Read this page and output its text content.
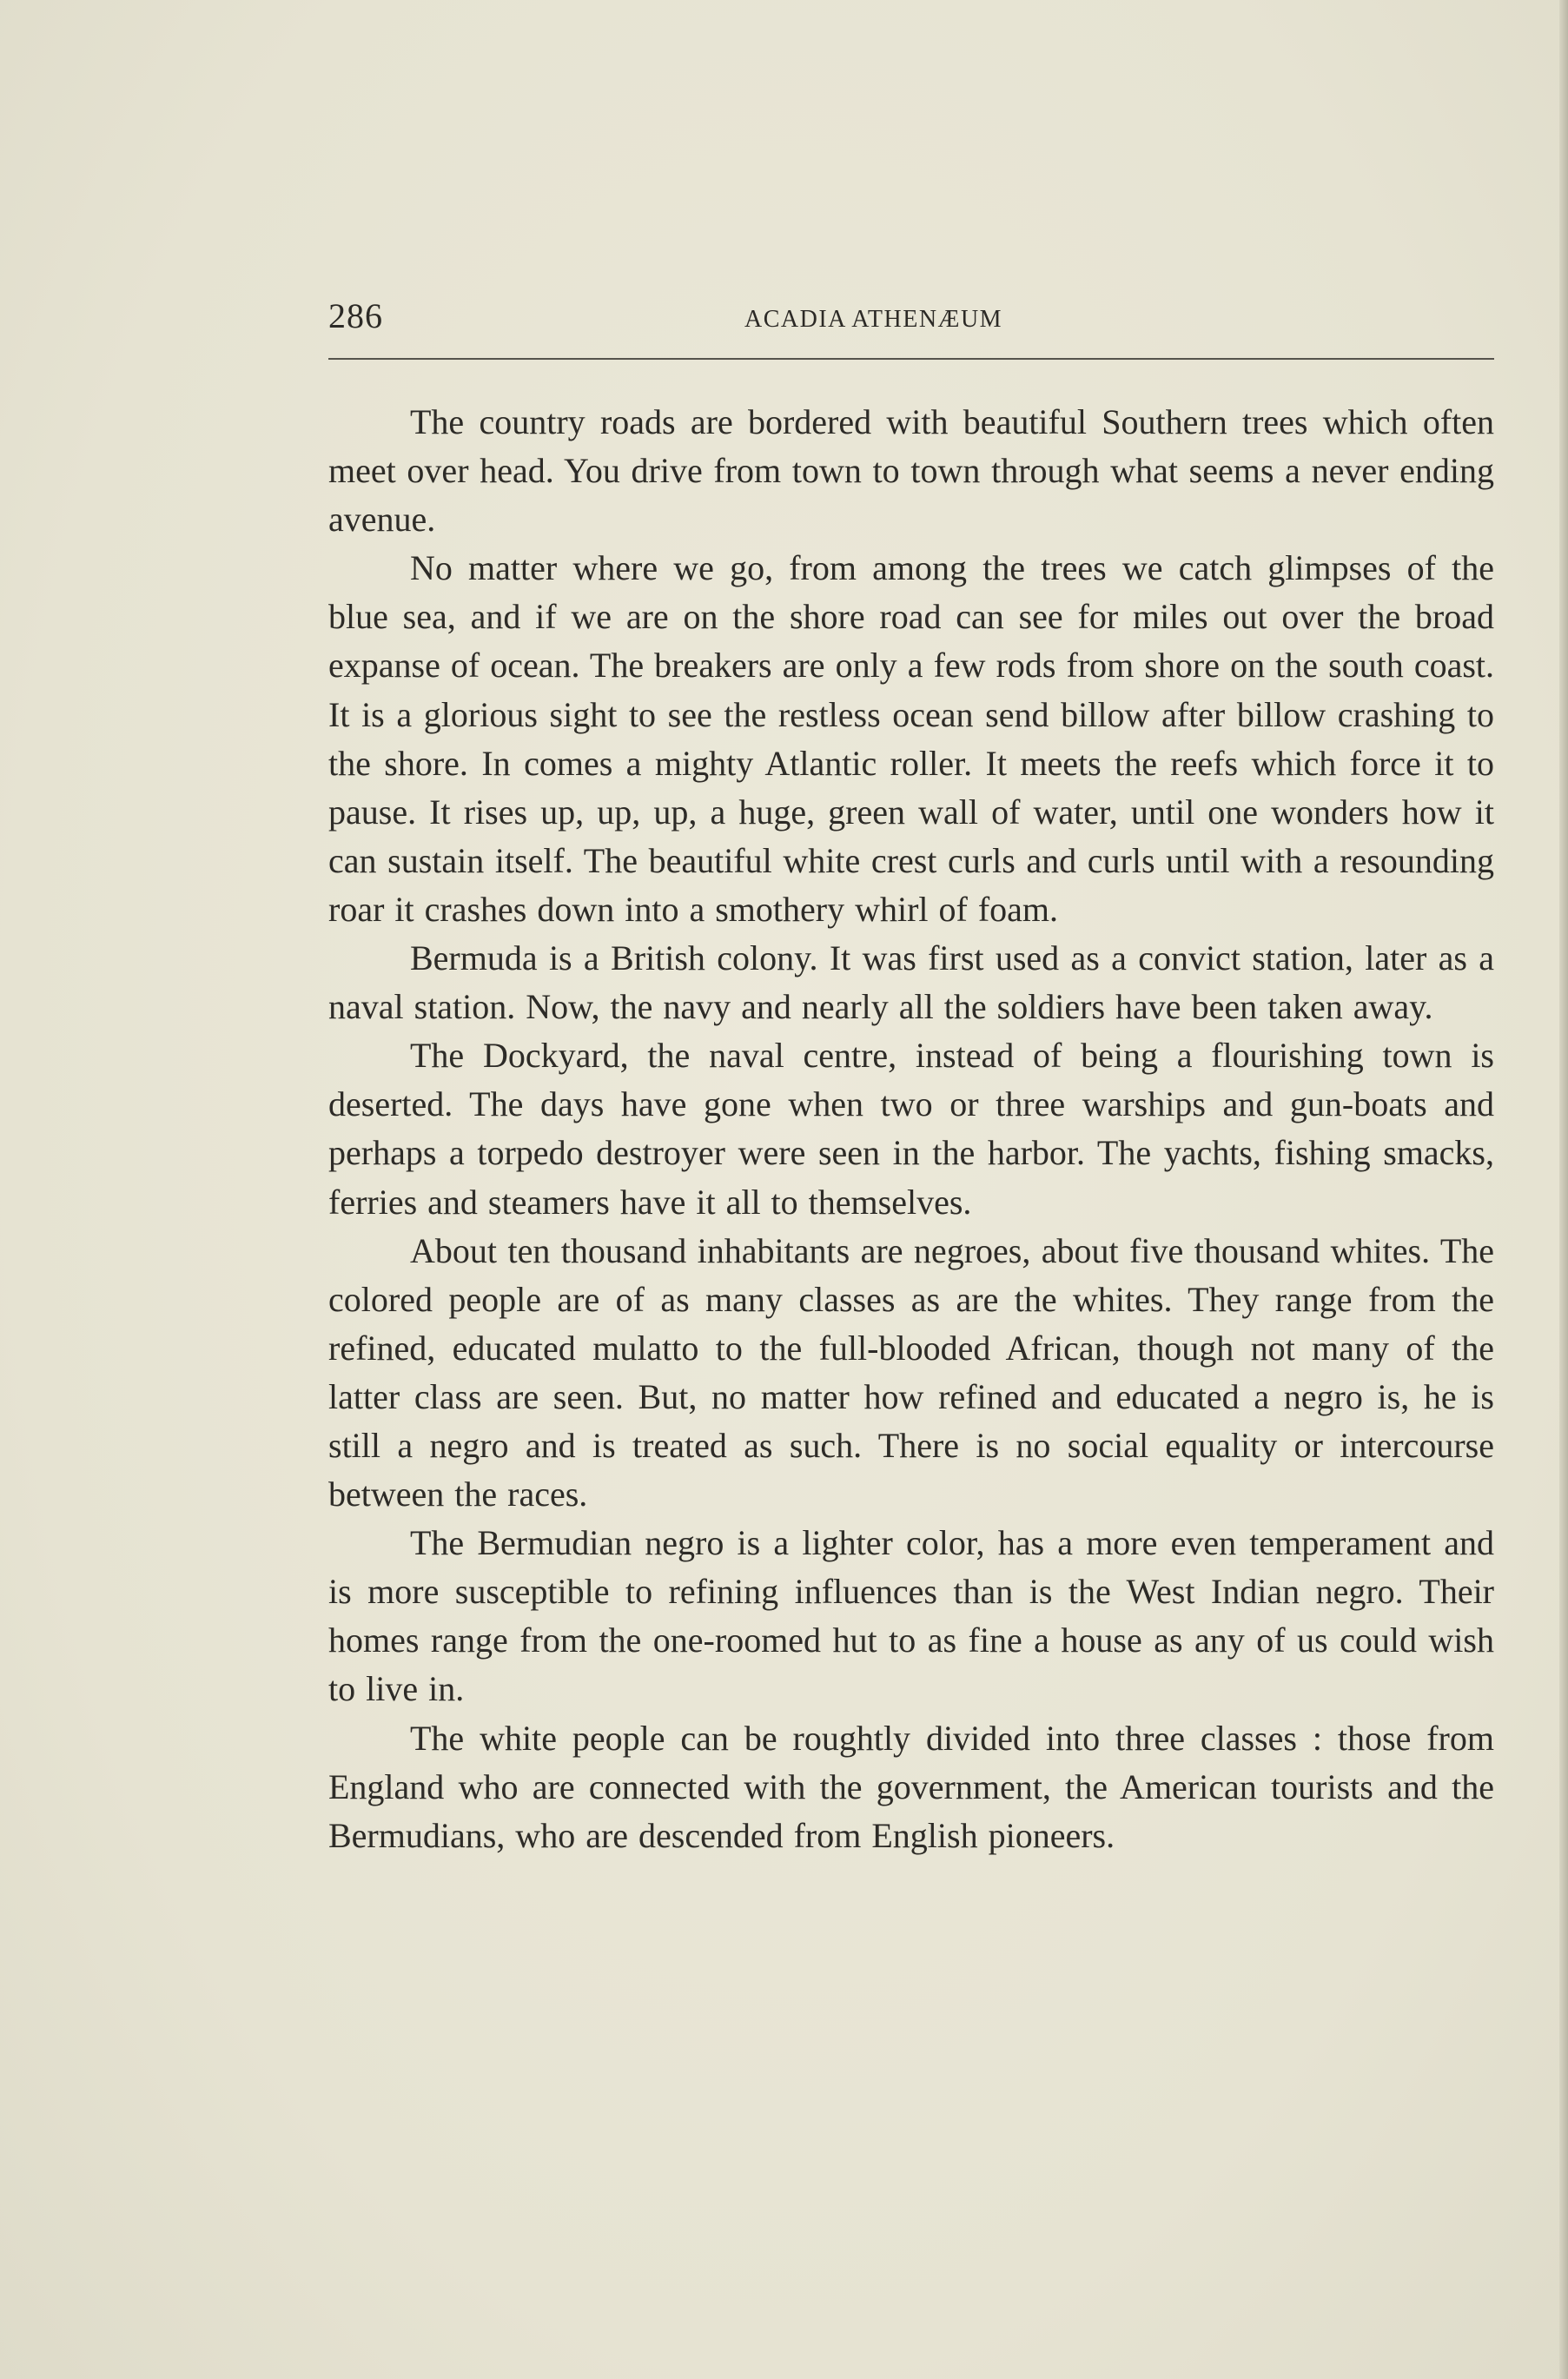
286	ACADIA ATHENÆUM

The country roads are bordered with beautiful Southern trees which often meet over head. You drive from town to town through what seems a never ending avenue.

No matter where we go, from among the trees we catch glimpses of the blue sea, and if we are on the shore road can see for miles out over the broad expanse of ocean. The breakers are only a few rods from shore on the south coast. It is a glorious sight to see the restless ocean send billow after billow crashing to the shore. In comes a mighty Atlantic roller. It meets the reefs which force it to pause. It rises up, up, up, a huge, green wall of water, until one wonders how it can sustain itself. The beautiful white crest curls and curls until with a resounding roar it crashes down into a smothery whirl of foam.

Bermuda is a British colony. It was first used as a convict station, later as a naval station. Now, the navy and nearly all the soldiers have been taken away.

The Dockyard, the naval centre, instead of being a flourishing town is deserted. The days have gone when two or three warships and gun-boats and perhaps a torpedo destroyer were seen in the harbor. The yachts, fishing smacks, ferries and steamers have it all to themselves.

About ten thousand inhabitants are negroes, about five thousand whites. The colored people are of as many classes as are the whites. They range from the refined, educated mulatto to the full-blooded African, though not many of the latter class are seen. But, no matter how refined and educated a negro is, he is still a negro and is treated as such. There is no social equality or intercourse between the races.

The Bermudian negro is a lighter color, has a more even temperament and is more susceptible to refining influences than is the West Indian negro. Their homes range from the one-roomed hut to as fine a house as any of us could wish to live in.

The white people can be roughtly divided into three classes : those from England who are connected with the government, the American tourists and the Bermudians, who are descended from English pioneers.
